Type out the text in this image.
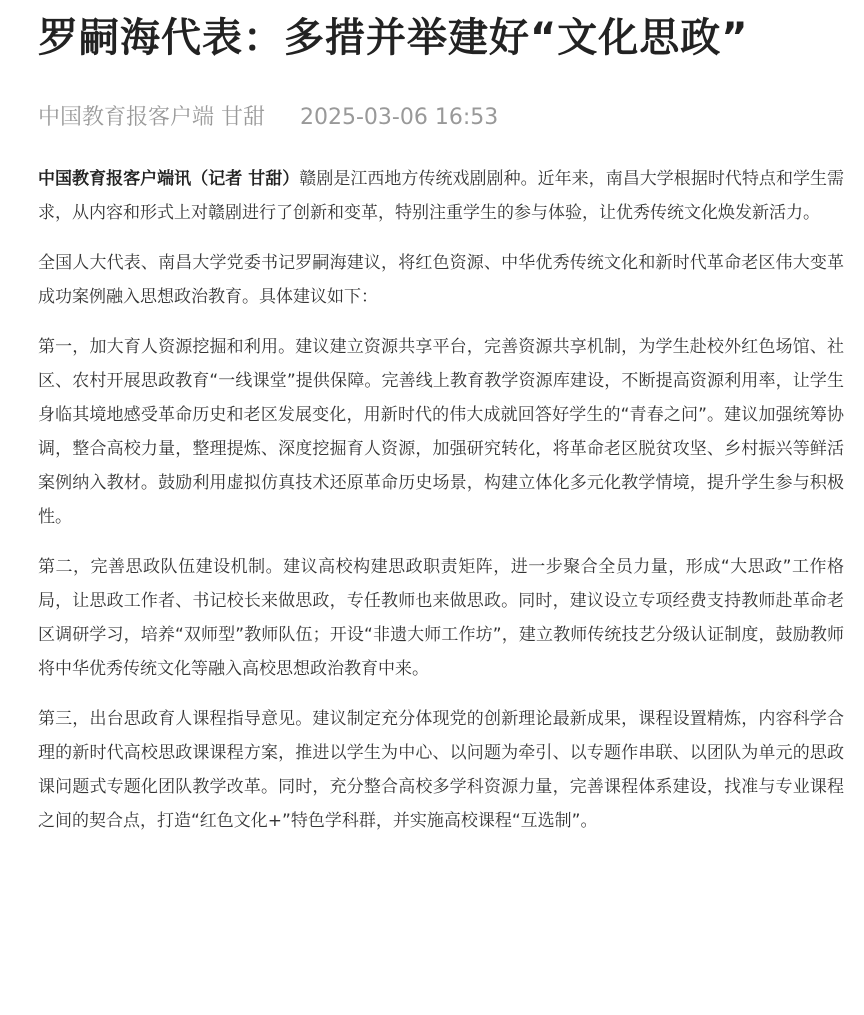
罗嗣海代表：多措并举建好“文化思政”
中国教育报客户端 甘甜 2025-03-06 16:53

中国教育报客户端讯（记者 甘甜）赣剧是江西地方传统戏剧剧种。近年来，南昌大学根据时代特点和学生需求，从内容和形式上对赣剧进行了创新和变革，特别注重学生的参与体验，让优秀传统文化焕发新活力。

全国人大代表、南昌大学党委书记罗嗣海建议，将红色资源、中华优秀传统文化和新时代革命老区伟大变革成功案例融入思想政治教育。具体建议如下：

第一，加大育人资源挖掘和利用。建议建立资源共享平台，完善资源共享机制，为学生赴校外红色场馆、社区、农村开展思政教育“一线课堂”提供保障。完善线上教育教学资源库建设，不断提高资源利用率，让学生身临其境地感受革命历史和老区发展变化，用新时代的伟大成就回答好学生的“青春之问”。建议加强统筹协调，整合高校力量，整理提炼、深度挖掘育人资源，加强研究转化，将革命老区脱贫攻坚、乡村振兴等鲜活案例纳入教材。鼓励利用虚拟仿真技术还原革命历史场景，构建立体化多元化教学情境，提升学生参与积极性。

第二，完善思政队伍建设机制。建议高校构建思政职责矩阵，进一步聚合全员力量，形成“大思政”工作格局，让思政工作者、书记校长来做思政，专任教师也来做思政。同时，建议设立专项经费支持教师赴革命老区调研学习，培养“双师型”教师队伍；开设“非遗大师工作坊”，建立教师传统技艺分级认证制度，鼓励教师将中华优秀传统文化等融入高校思想政治教育中来。

第三，出台思政育人课程指导意见。建议制定充分体现党的创新理论最新成果，课程设置精炼，内容科学合理的新时代高校思政课课程方案，推进以学生为中心、以问题为牵引、以专题作串联、以团队为单元的思政课问题式专题化团队教学改革。同时，充分整合高校多学科资源力量，完善课程体系建设，找准与专业课程之间的契合点，打造“红色文化+”特色学科群，并实施高校课程“互选制”。
